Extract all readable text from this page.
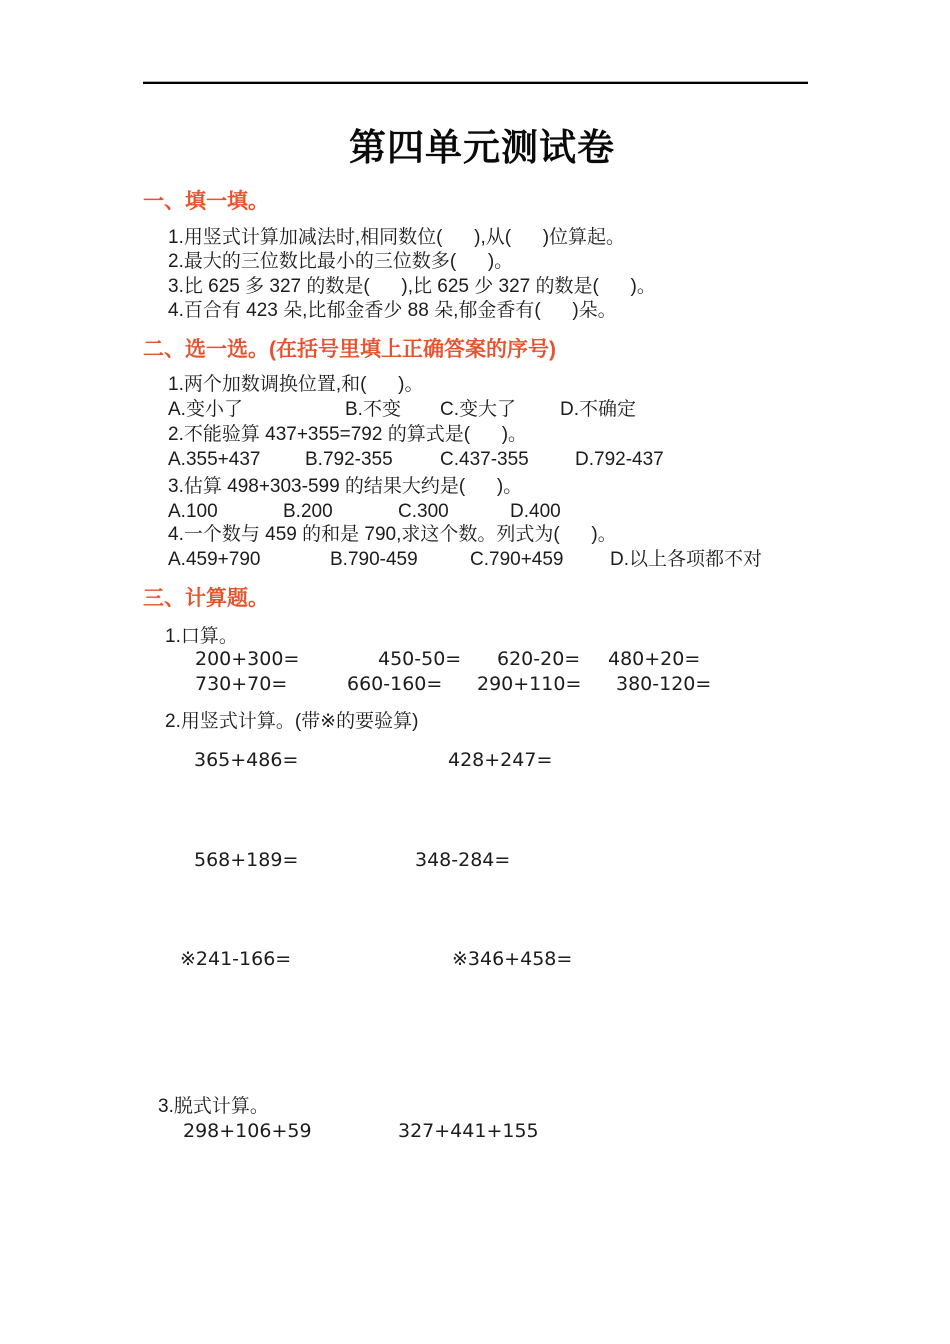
第四单元测试卷
一、填一填。
1.用竖式计算加减法时,相同数位(      ),从(      )位算起。
2.最大的三位数比最小的三位数多(      )。
3.比 625 多 327 的数是(      ),比 625 少 327 的数是(      )。
4.百合有 423 朵,比郁金香少 88 朵,郁金香有(      )朵。
二、选一选。(在括号里填上正确答案的序号)
1.两个加数调换位置,和(      )。
A.变小了	B.不变 C.变大了 D.不确定
2.不能验算 437+355=792 的算式是(      )。
A.355+437 B.792-355 C.437-355 D.792-437
3.估算 498+303-599 的结果大约是(      )。
A.100	B.200	C.300	D.400
4.一个数与 459 的和是 790,求这个数。列式为(      )。
A.459+790	B.790-459	C.790+459 D.以上各项都不对
三、计算题。
1.口算。
200+300=	450-50= 620-20= 480+20=
730+70=	660-160= 290+110= 380-120=
2.用竖式计算。(带※的要验算)
365+486=	428+247=
568+189=	348-284=
※241-166=	※346+458=
3.脱式计算。
298+106+59	327+441+155
